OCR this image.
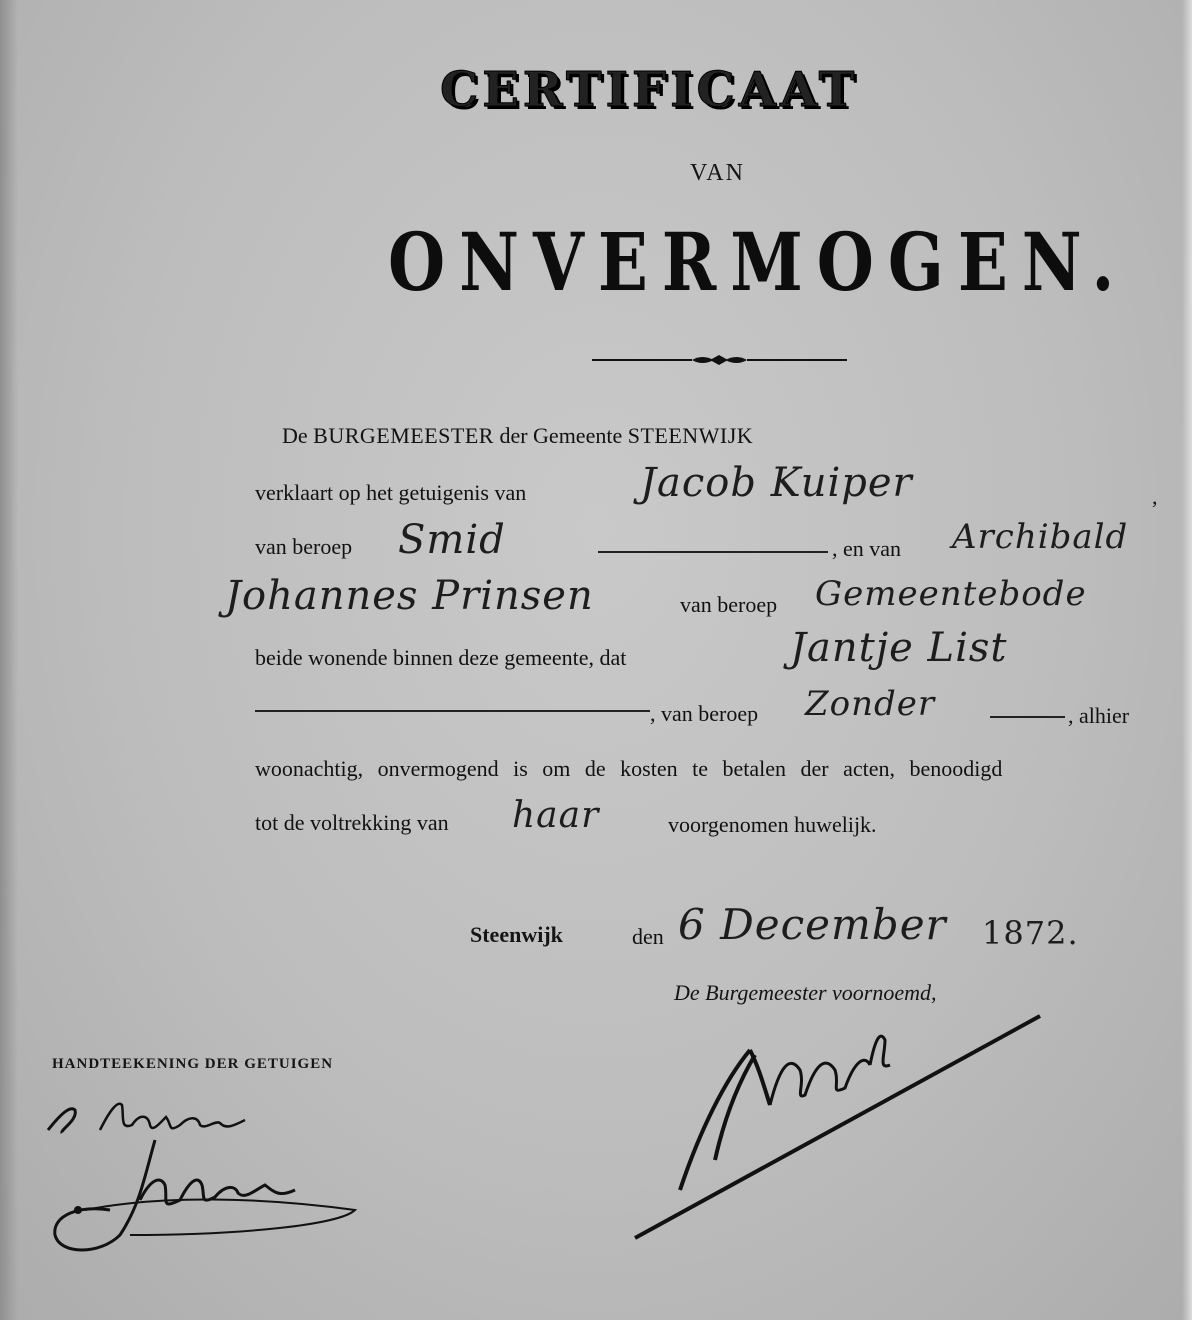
CERTIFICAAT
VAN
ONVERMOGEN.
De BURGEMEESTER der Gemeente STEENWIJK
verklaart op het getuigenis van	Jacob Kuiper	,
van beroep Smid	, en van Archibald
Johannes Prinsen	van beroep Gemeentebode
beide wonende binnen deze gemeente, dat	Jantje List
, van beroep Zonder	, alhier
woonachtig, onvermogend is om de kosten te betalen der acten, benoodigd
tot de voltrekking van haar	voorgenomen huwelijk.
Steenwijk	den 6 December 1872.
De Burgemeester voornoemd,
HANDTEEKENING DER GETUIGEN
